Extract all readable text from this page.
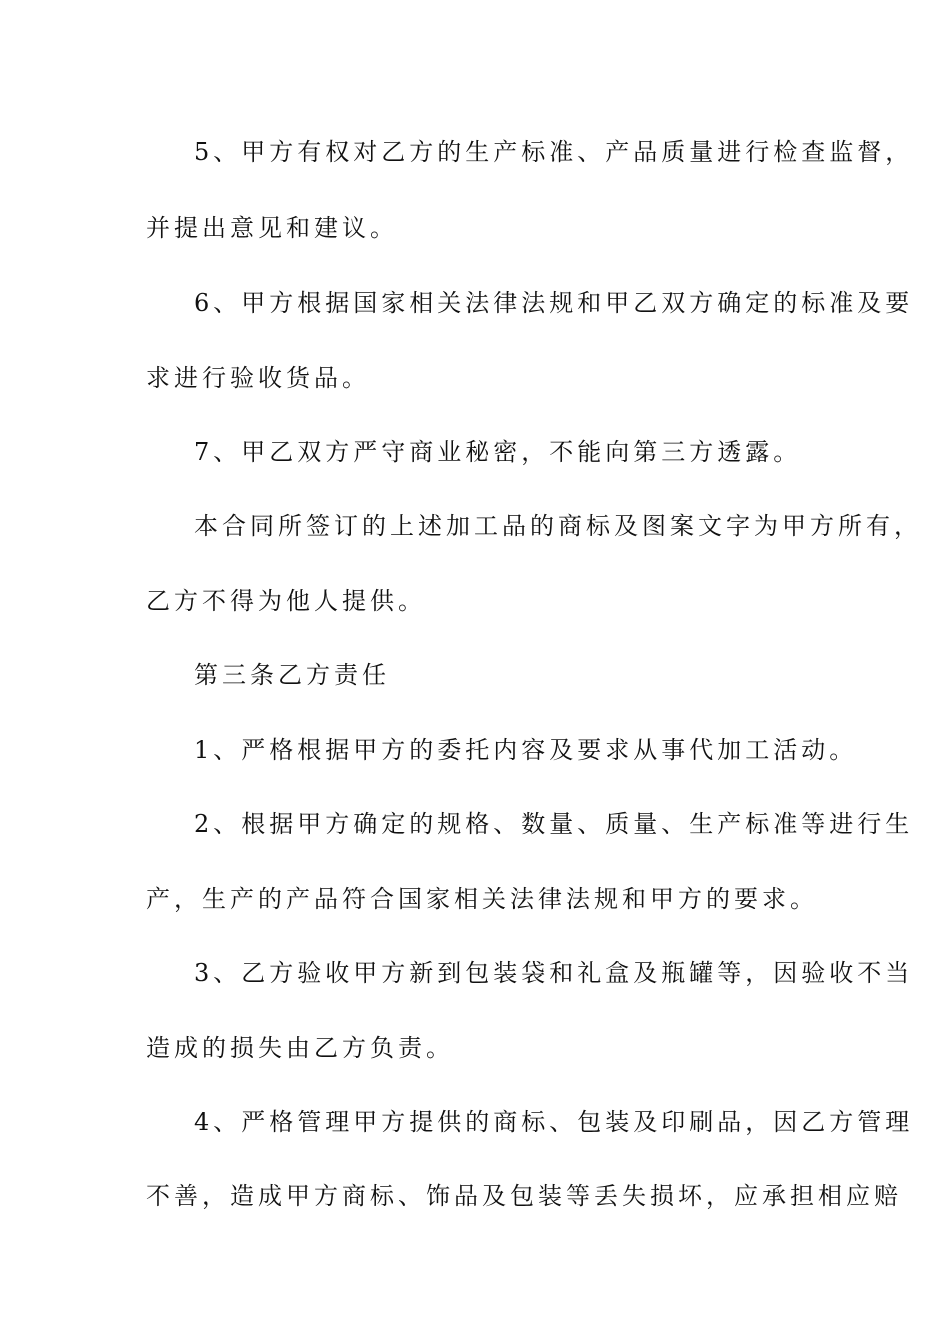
5、甲方有权对乙方的生产标准、产品质量进行检查监督，
并提出意见和建议。
6、甲方根据国家相关法律法规和甲乙双方确定的标准及要
求进行验收货品。
7、甲乙双方严守商业秘密，不能向第三方透露。
本合同所签订的上述加工品的商标及图案文字为甲方所有，
乙方不得为他人提供。
第三条乙方责任
1、严格根据甲方的委托内容及要求从事代加工活动。
2、根据甲方确定的规格、数量、质量、生产标准等进行生
产，生产的产品符合国家相关法律法规和甲方的要求。
3、乙方验收甲方新到包装袋和礼盒及瓶罐等，因验收不当
造成的损失由乙方负责。
4、严格管理甲方提供的商标、包装及印刷品，因乙方管理
不善，造成甲方商标、饰品及包装等丢失损坏，应承担相应赔
